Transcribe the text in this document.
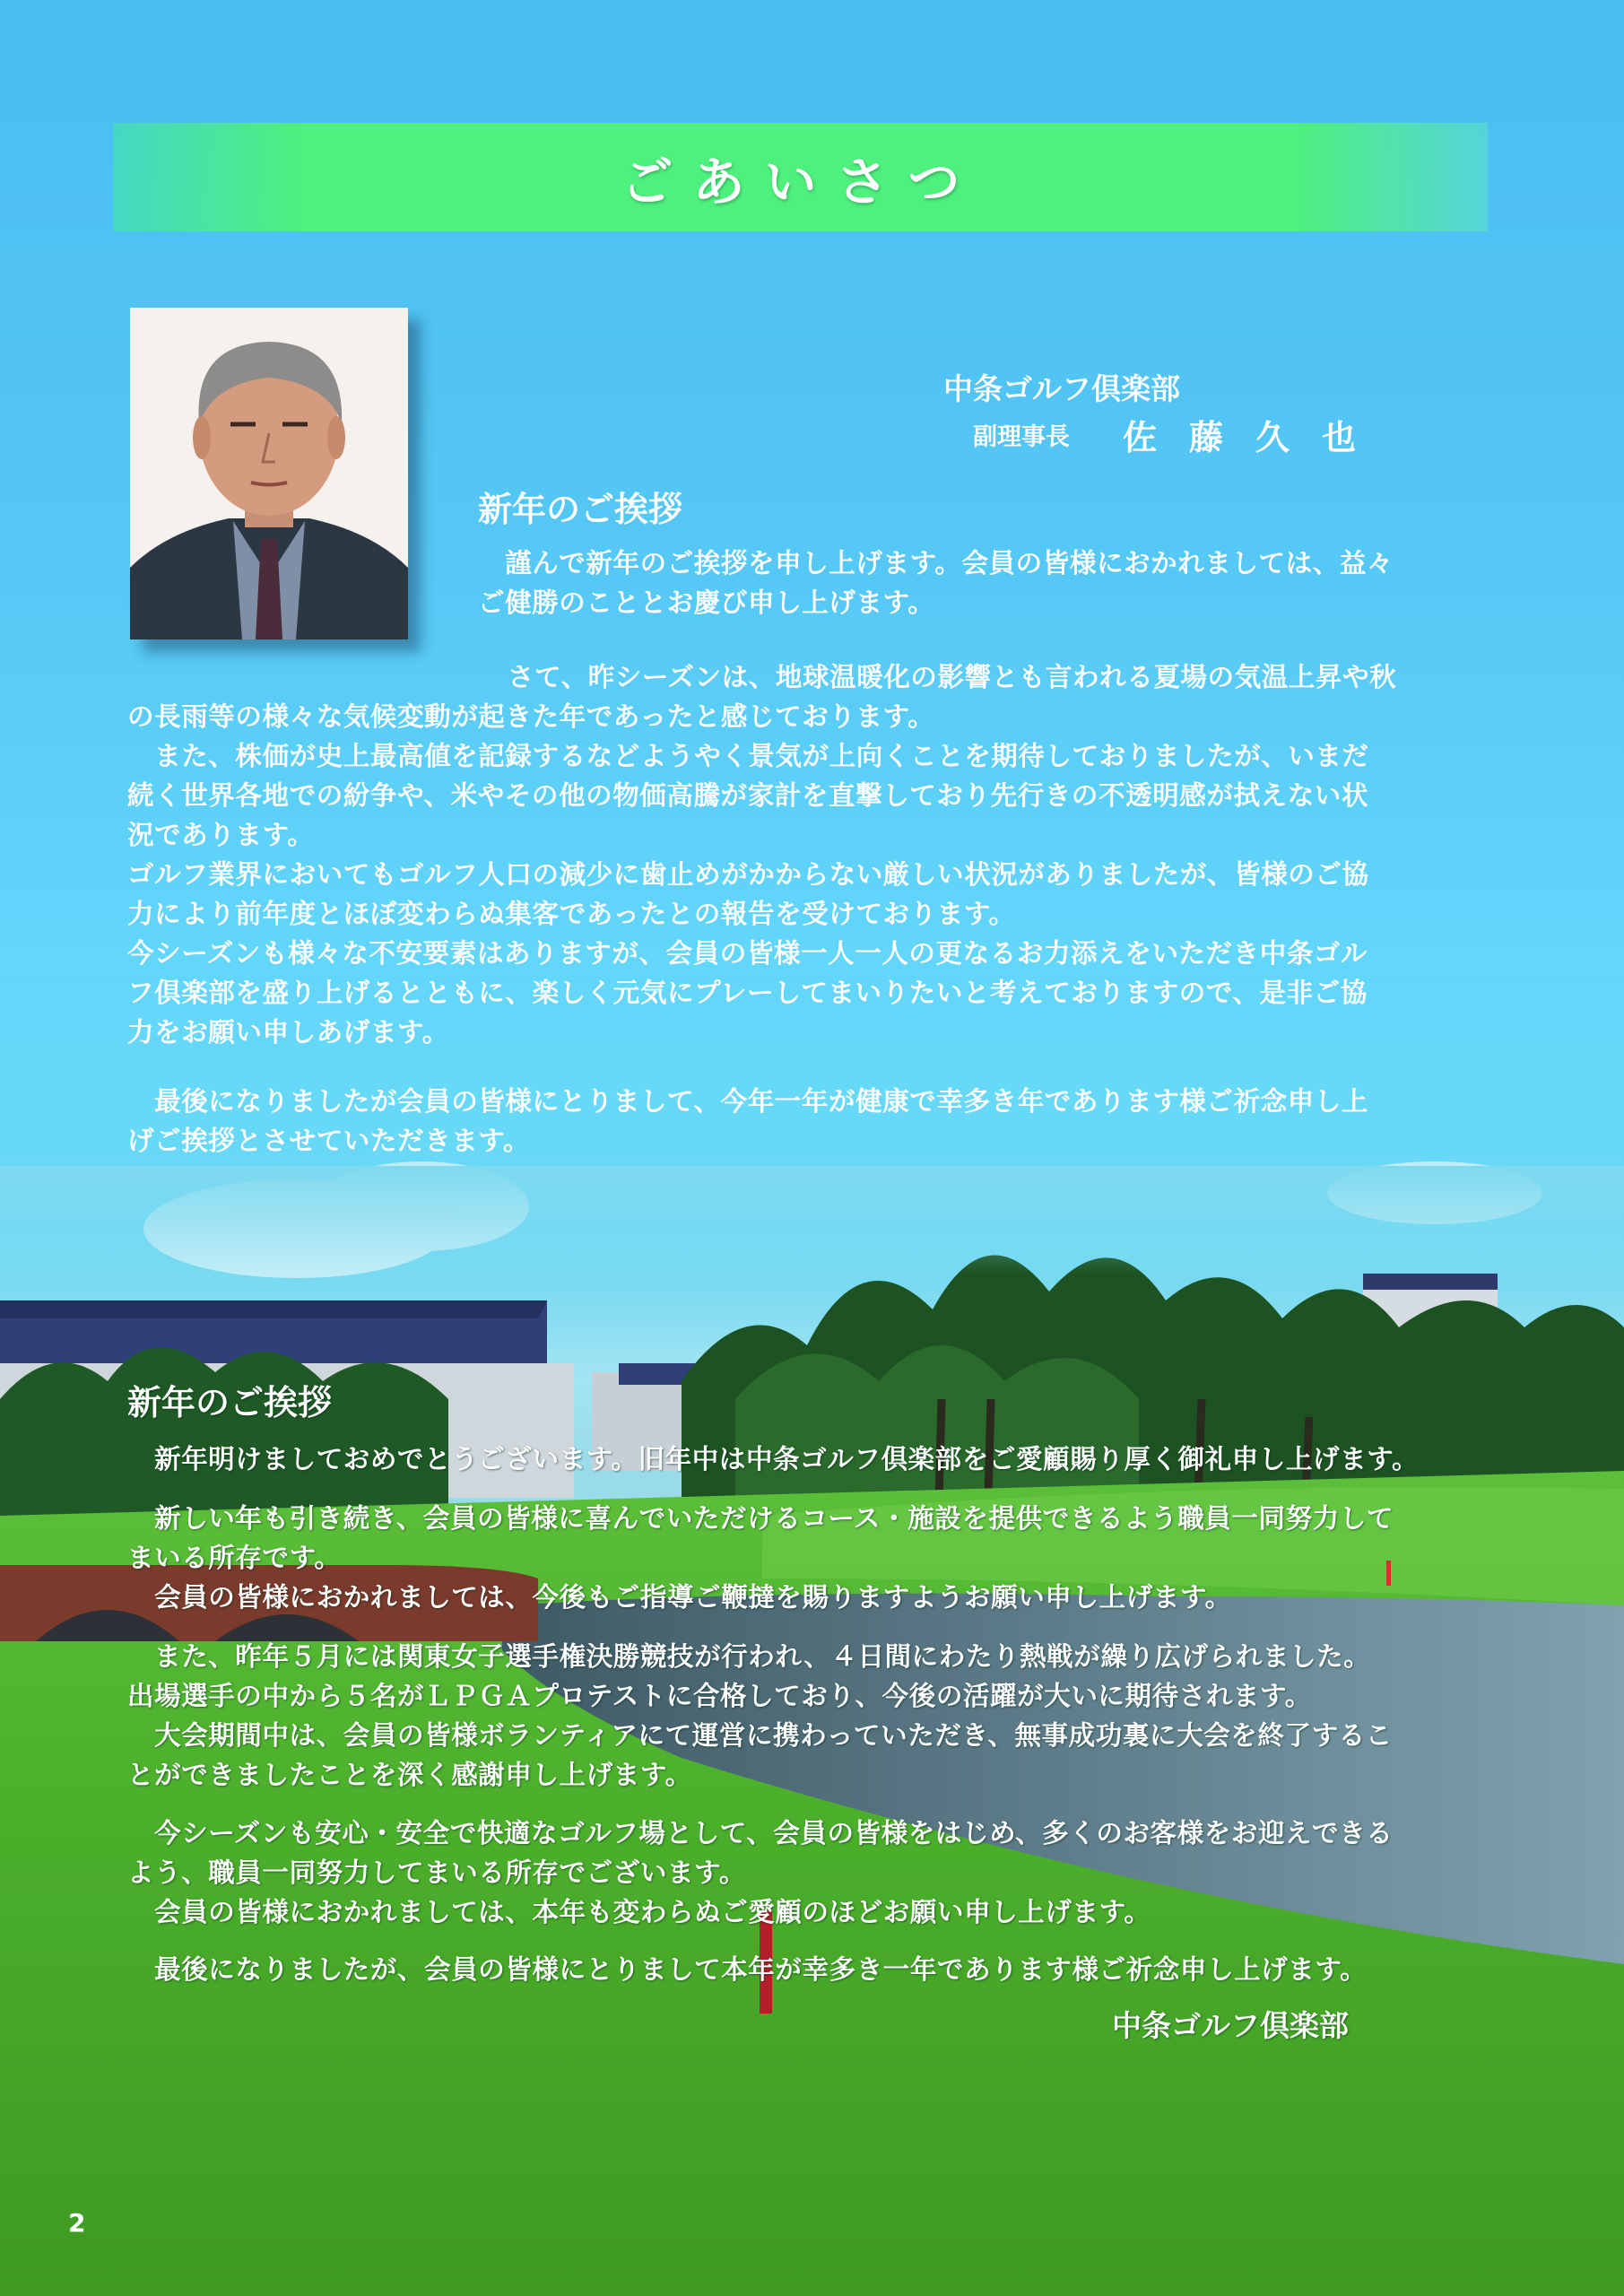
ごあいさつ
中条ゴルフ倶楽部
副理事長 佐藤久也
新年のご挨拶
　謹んで新年のご挨拶を申し上げます。会員の皆様におかれましては、益々
ご健勝のこととお慶び申し上げます。
さて、昨シーズンは、地球温暖化の影響とも言われる夏場の気温上昇や秋
の長雨等の様々な気候変動が起きた年であったと感じております。
　また、株価が史上最高値を記録するなどようやく景気が上向くことを期待しておりましたが、いまだ
続く世界各地での紛争や、米やその他の物価高騰が家計を直撃しており先行きの不透明感が拭えない状
況であります。
ゴルフ業界においてもゴルフ人口の減少に歯止めがかからない厳しい状況がありましたが、皆様のご協
力により前年度とほぼ変わらぬ集客であったとの報告を受けております。
今シーズンも様々な不安要素はありますが、会員の皆様一人一人の更なるお力添えをいただき中条ゴル
フ倶楽部を盛り上げるとともに、楽しく元気にプレーしてまいりたいと考えておりますので、是非ご協
力をお願い申しあげます。
　最後になりましたが会員の皆様にとりまして、今年一年が健康で幸多き年であります様ご祈念申し上
げご挨拶とさせていただきます。
新年のご挨拶
　新年明けましておめでとうございます。旧年中は中条ゴルフ倶楽部をご愛顧賜り厚く御礼申し上げます。
　新しい年も引き続き、会員の皆様に喜んでいただけるコース・施設を提供できるよう職員一同努力して
まいる所存です。
　会員の皆様におかれましては、今後もご指導ご鞭撻を賜りますようお願い申し上げます。
　また、昨年５月には関東女子選手権決勝競技が行われ、４日間にわたり熱戦が繰り広げられました。
出場選手の中から５名がＬＰＧＡプロテストに合格しており、今後の活躍が大いに期待されます。
　大会期間中は、会員の皆様ボランティアにて運営に携わっていただき、無事成功裏に大会を終了するこ
とができましたことを深く感謝申し上げます。
　今シーズンも安心・安全で快適なゴルフ場として、会員の皆様をはじめ、多くのお客様をお迎えできる
よう、職員一同努力してまいる所存でございます。
　会員の皆様におかれましては、本年も変わらぬご愛顧のほどお願い申し上げます。
　最後になりましたが、会員の皆様にとりまして本年が幸多き一年であります様ご祈念申し上げます。
中条ゴルフ倶楽部
2
